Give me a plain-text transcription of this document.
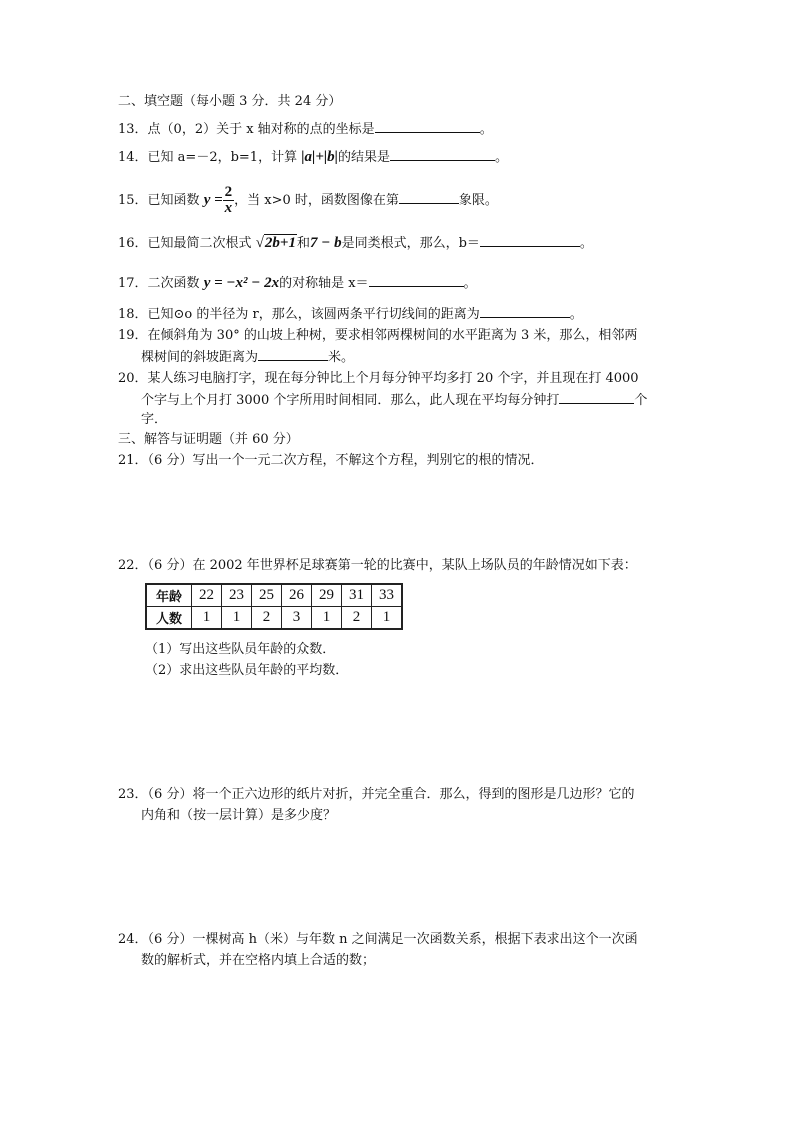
二、填空题（每小题 3 分．共 24 分）
13．点（0，2）关于 x 轴对称的点的坐标是	。
14．已知 a=－2，b=1，计算 |a|+|b|的结果是	。
15．已知函数 $y = \frac{2}{x}$ ，当 x>0 时，函数图像在第	象限。
16．已知最简二次根式 √2b+1和7 − b是同类根式，那么，b＝	。
17．二次函数 y = −x² − 2x的对称轴是 x＝	。
18．已知⊙o 的半径为 r，那么，该圆两条平行切线间的距离为	。
19．在倾斜角为 30° 的山坡上种树，要求相邻两棵树间的水平距离为 3 米，那么，相邻两
棵树间的斜坡距离为	米。
20．某人练习电脑打字，现在每分钟比上个月每分钟平均多打 20 个字，并且现在打 4000
个字与上个月打 3000 个字所用时间相同．那么，此人现在平均每分钟打	个
字．
三、解答与证明题（并 60 分）
21．（6 分）写出一个一元二次方程，不解这个方程，判别它的根的情况．
22．（6 分）在 2002 年世界杯足球赛第一轮的比赛中，某队上场队员的年龄情况如下表：
年龄	22	23	25	26	29	31	33
人数	1	1	2	3	1	2	1
（1）写出这些队员年龄的众数．
（2）求出这些队员年龄的平均数．
23．（6 分）将一个正六边形的纸片对折，并完全重合．那么，得到的图形是几边形？它的
内角和（按一层计算）是多少度？
24．（6 分）一棵树高 h（米）与年数 n 之间满足一次函数关系，根据下表求出这个一次函
数的解析式，并在空格内填上合适的数；
